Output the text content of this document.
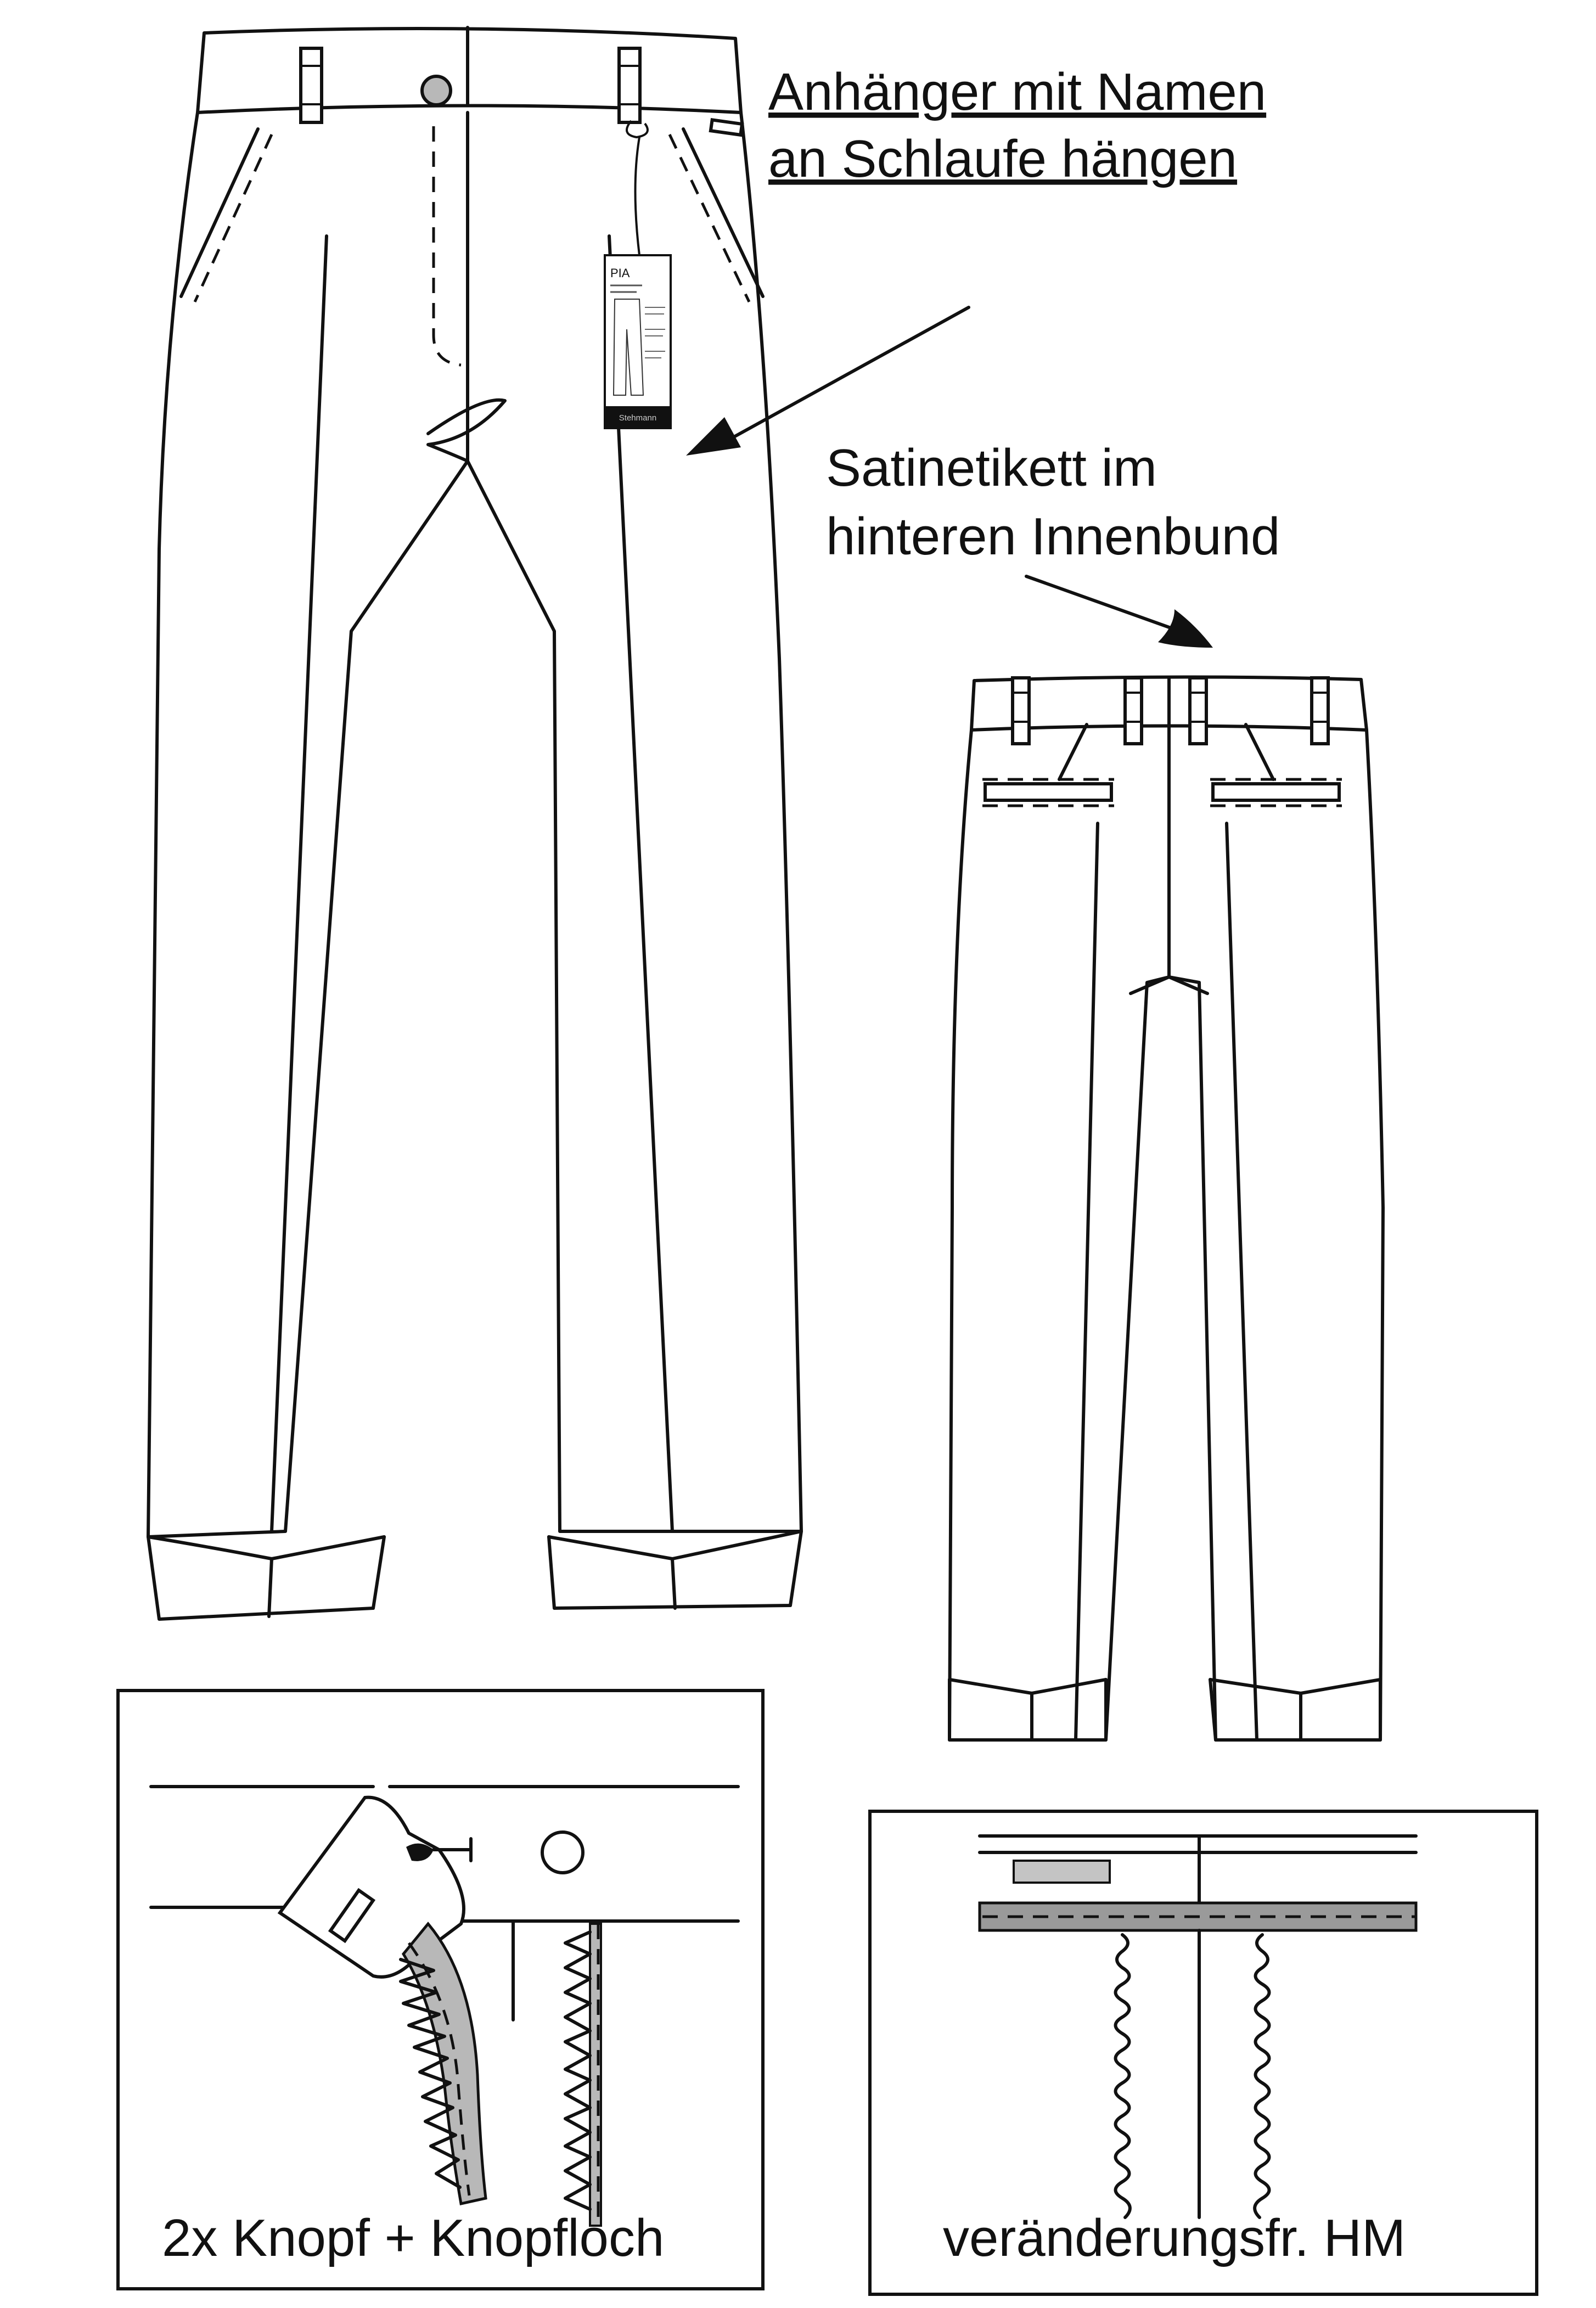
PIA
Stehmann
Anhänger mit Namen
an Schlaufe hängen
Satinetikett im
hinteren Innenbund
2x Knopf + Knopfloch	veränderungsfr. HM
